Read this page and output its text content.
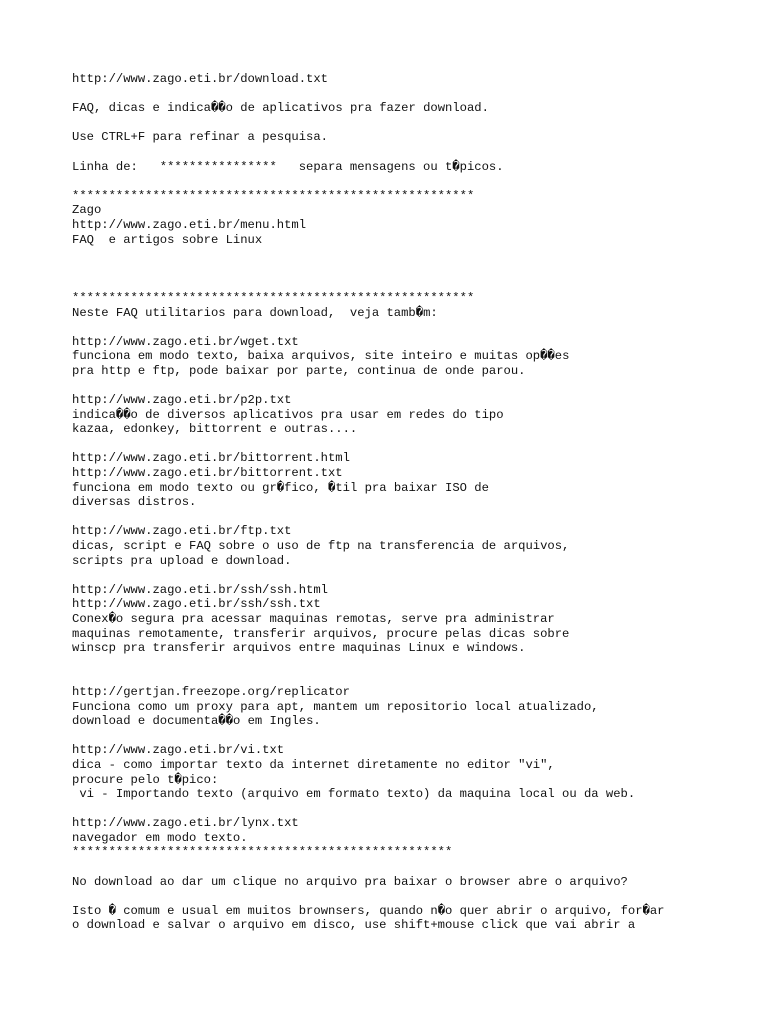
http://www.zago.eti.br/download.txt
FAQ, dicas e indica��o de aplicativos pra fazer download.
Use CTRL+F para refinar a pesquisa.
Linha de:   ****************   separa mensagens ou t�picos.
*******************************************************
Zago
http://www.zago.eti.br/menu.html
FAQ  e artigos sobre Linux
*******************************************************
Neste FAQ utilitarios para download,  veja tamb�m:
http://www.zago.eti.br/wget.txt
funciona em modo texto, baixa arquivos, site inteiro e muitas op��es
pra http e ftp, pode baixar por parte, continua de onde parou.
http://www.zago.eti.br/p2p.txt
indica��o de diversos aplicativos pra usar em redes do tipo
kazaa, edonkey, bittorrent e outras....
http://www.zago.eti.br/bittorrent.html
http://www.zago.eti.br/bittorrent.txt
funciona em modo texto ou gr�fico, �til pra baixar ISO de
diversas distros.
http://www.zago.eti.br/ftp.txt
dicas, script e FAQ sobre o uso de ftp na transferencia de arquivos,
scripts pra upload e download.
http://www.zago.eti.br/ssh/ssh.html
http://www.zago.eti.br/ssh/ssh.txt
Conex�o segura pra acessar maquinas remotas, serve pra administrar
maquinas remotamente, transferir arquivos, procure pelas dicas sobre
winscp pra transferir arquivos entre maquinas Linux e windows.
http://gertjan.freezope.org/replicator
Funciona como um proxy para apt, mantem um repositorio local atualizado,
download e documenta��o em Ingles.
http://www.zago.eti.br/vi.txt
dica - como importar texto da internet diretamente no editor "vi",
procure pelo t�pico:
vi - Importando texto (arquivo em formato texto) da maquina local ou da web.
http://www.zago.eti.br/lynx.txt
navegador em modo texto.
****************************************************
No download ao dar um clique no arquivo pra baixar o browser abre o arquivo?
Isto � comum e usual em muitos brownsers, quando n�o quer abrir o arquivo, for�ar
o download e salvar o arquivo em disco, use shift+mouse click que vai abrir a
